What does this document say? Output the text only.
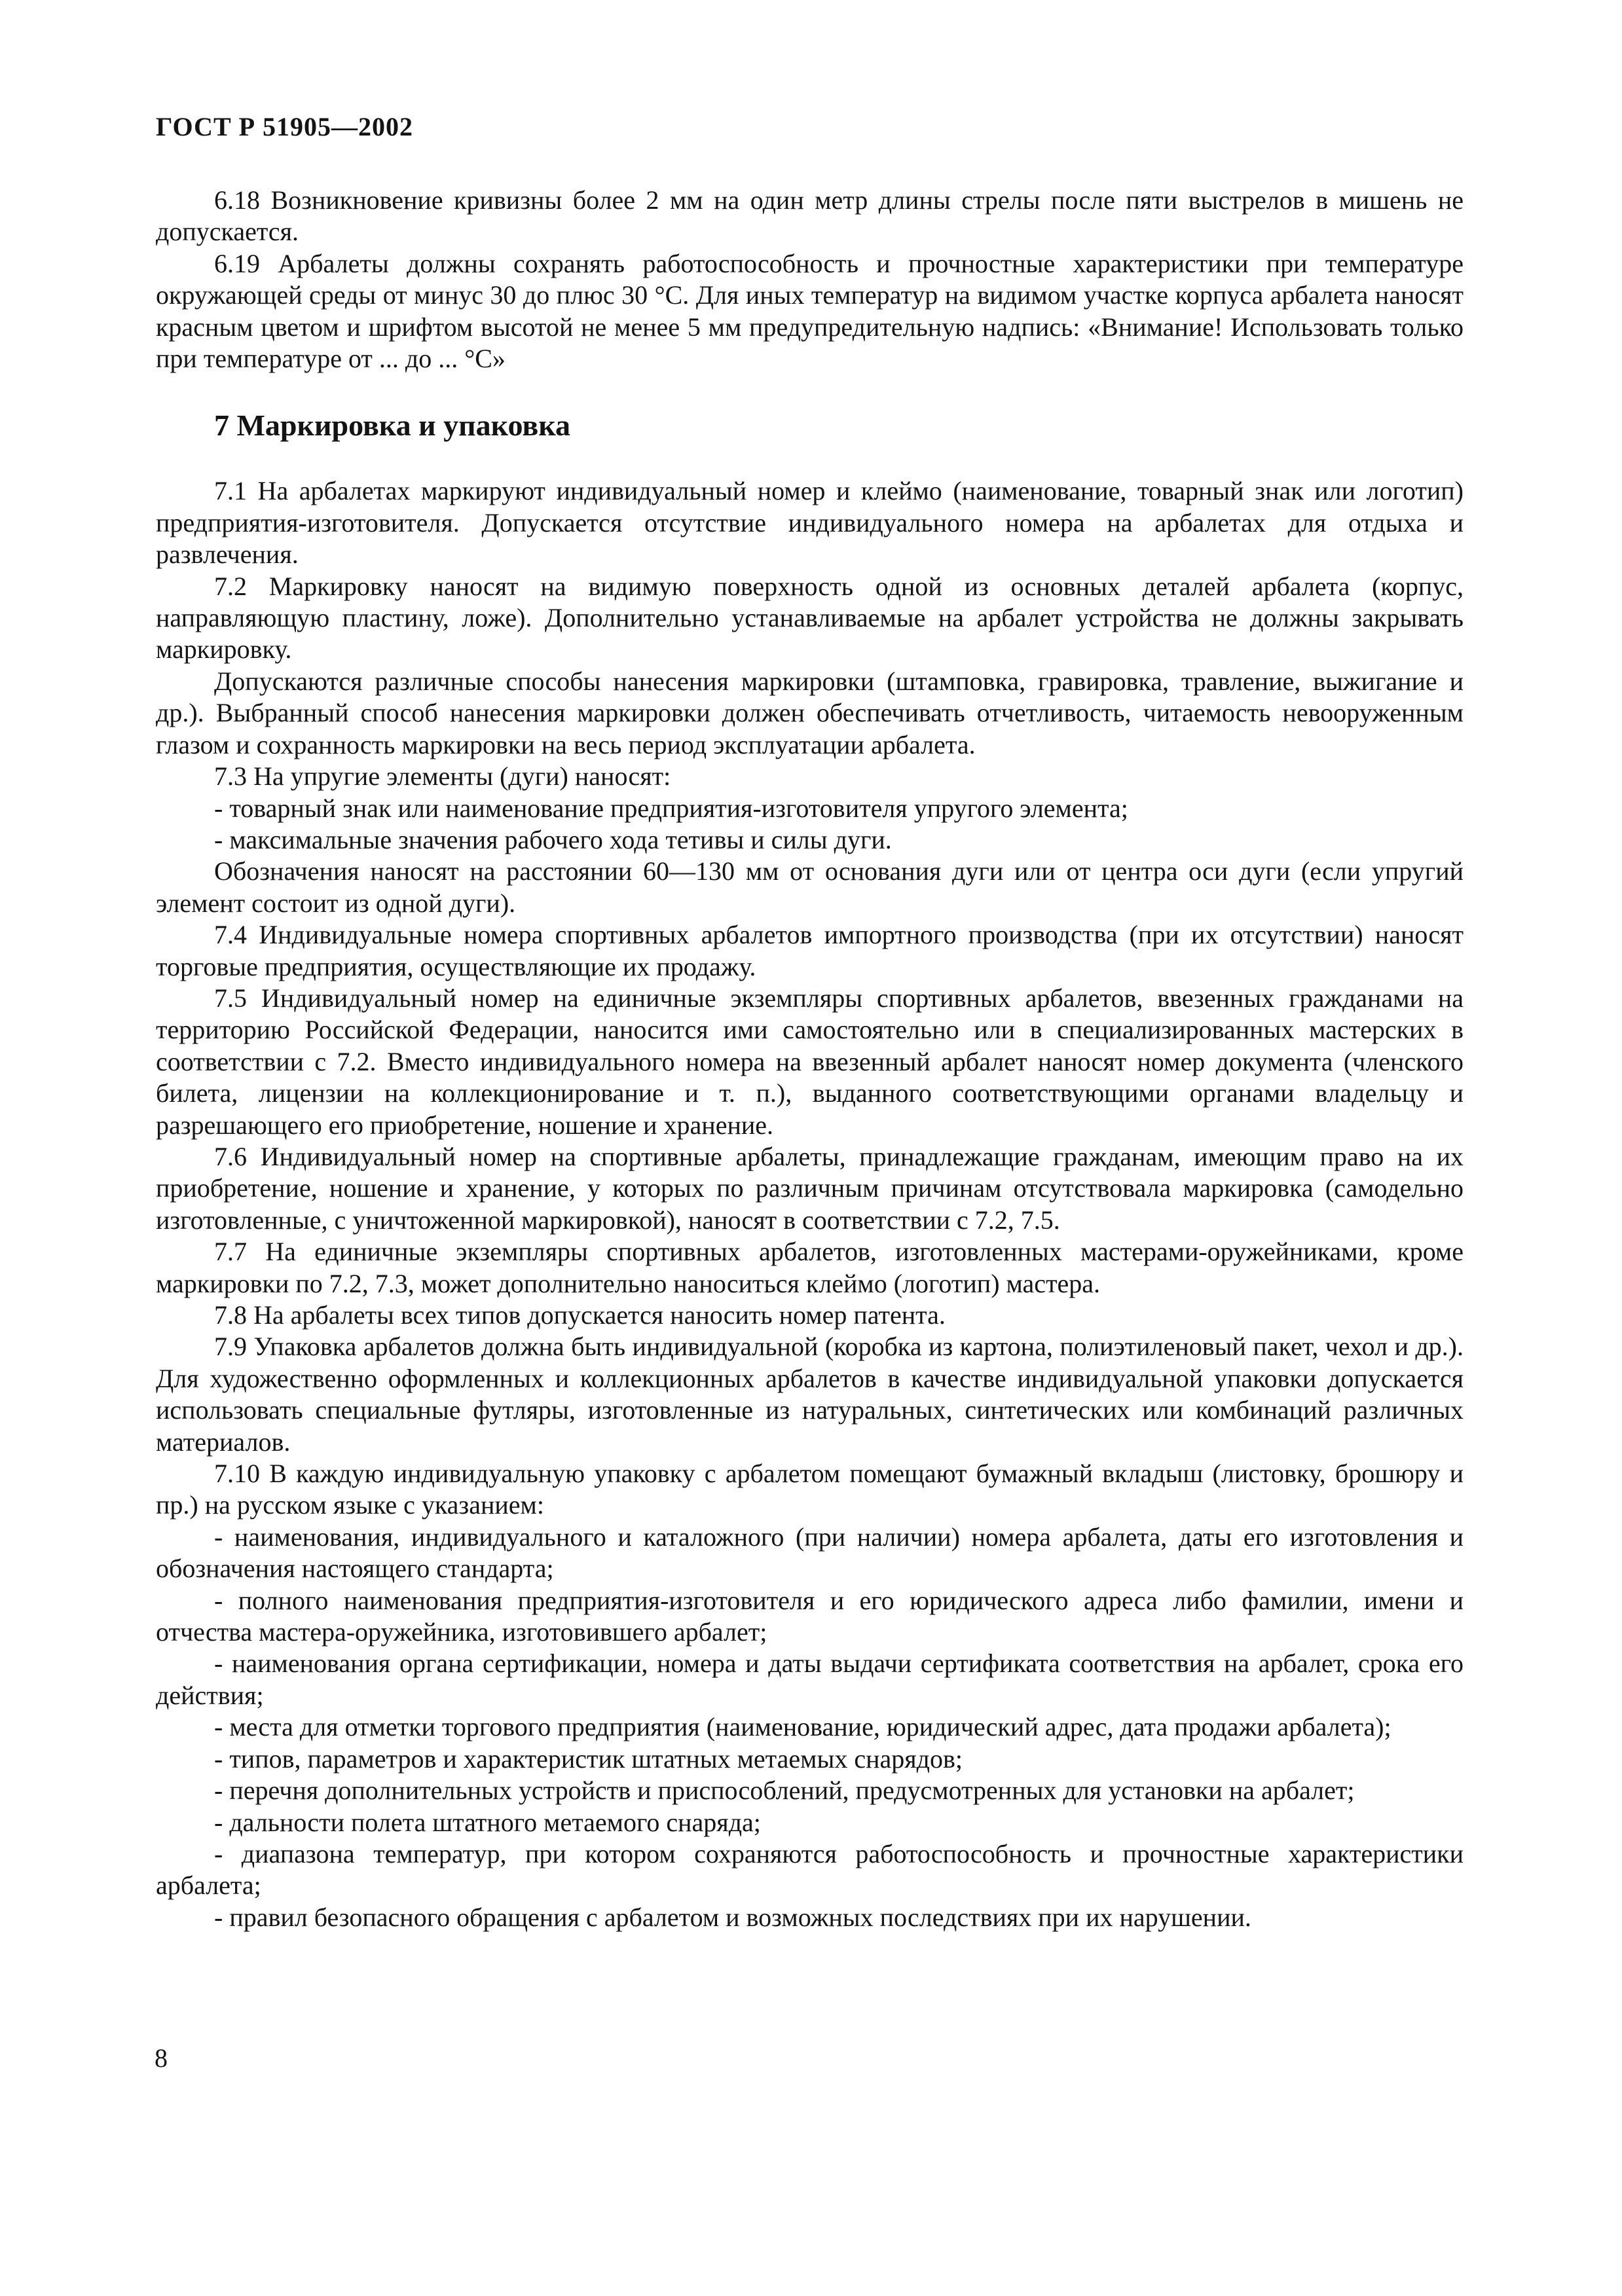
ГОСТ Р 51905—2002

6.18 Возникновение кривизны более 2 мм на один метр длины стрелы после пяти выстрелов в мишень не допускается.

6.19 Арбалеты должны сохранять работоспособность и прочностные характеристики при температуре окружающей среды от минус 30 до плюс 30 °С. Для иных температур на видимом участке корпуса арбалета наносят красным цветом и шрифтом высотой не менее 5 мм предупредительную надпись: «Внимание! Использовать только при температуре от ... до ... °С»

7 Маркировка и упаковка

7.1 На арбалетах маркируют индивидуальный номер и клеймо (наименование, товарный знак или логотип) предприятия-изготовителя. Допускается отсутствие индивидуального номера на арбалетах для отдыха и развлечения.

7.2 Маркировку наносят на видимую поверхность одной из основных деталей арбалета (корпус, направляющую пластину, ложе). Дополнительно устанавливаемые на арбалет устройства не должны закрывать маркировку.

Допускаются различные способы нанесения маркировки (штамповка, гравировка, травление, выжигание и др.). Выбранный способ нанесения маркировки должен обеспечивать отчетливость, читаемость невооруженным глазом и сохранность маркировки на весь период эксплуатации арбалета.

7.3 На упругие элементы (дуги) наносят:

- товарный знак или наименование предприятия-изготовителя упругого элемента;

- максимальные значения рабочего хода тетивы и силы дуги.

Обозначения наносят на расстоянии 60—130 мм от основания дуги или от центра оси дуги (если упругий элемент состоит из одной дуги).

7.4 Индивидуальные номера спортивных арбалетов импортного производства (при их отсутствии) наносят торговые предприятия, осуществляющие их продажу.

7.5 Индивидуальный номер на единичные экземпляры спортивных арбалетов, ввезенных гражданами на территорию Российской Федерации, наносится ими самостоятельно или в специализированных мастерских в соответствии с 7.2. Вместо индивидуального номера на ввезенный арбалет наносят номер документа (членского билета, лицензии на коллекционирование и т. п.), выданного соответствующими органами владельцу и разрешающего его приобретение, ношение и хранение.

7.6 Индивидуальный номер на спортивные арбалеты, принадлежащие гражданам, имеющим право на их приобретение, ношение и хранение, у которых по различным причинам отсутствовала маркировка (самодельно изготовленные, с уничтоженной маркировкой), наносят в соответствии с 7.2, 7.5.

7.7 На единичные экземпляры спортивных арбалетов, изготовленных мастерами-оружейниками, кроме маркировки по 7.2, 7.3, может дополнительно наноситься клеймо (логотип) мастера.

7.8 На арбалеты всех типов допускается наносить номер патента.

7.9 Упаковка арбалетов должна быть индивидуальной (коробка из картона, полиэтиленовый пакет, чехол и др.). Для художественно оформленных и коллекционных арбалетов в качестве индивидуальной упаковки допускается использовать специальные футляры, изготовленные из натуральных, синтетических или комбинаций различных материалов.

7.10 В каждую индивидуальную упаковку с арбалетом помещают бумажный вкладыш (листовку, брошюру и пр.) на русском языке с указанием:

- наименования, индивидуального и каталожного (при наличии) номера арбалета, даты его изготовления и обозначения настоящего стандарта;

- полного наименования предприятия-изготовителя и его юридического адреса либо фамилии, имени и отчества мастера-оружейника, изготовившего арбалет;

- наименования органа сертификации, номера и даты выдачи сертификата соответствия на арбалет, срока его действия;

- места для отметки торгового предприятия (наименование, юридический адрес, дата продажи арбалета);

- типов, параметров и характеристик штатных метаемых снарядов;

- перечня дополнительных устройств и приспособлений, предусмотренных для установки на арбалет;

- дальности полета штатного метаемого снаряда;

- диапазона температур, при котором сохраняются работоспособность и прочностные характеристики арбалета;

- правил безопасного обращения с арбалетом и возможных последствиях при их нарушении.

8
